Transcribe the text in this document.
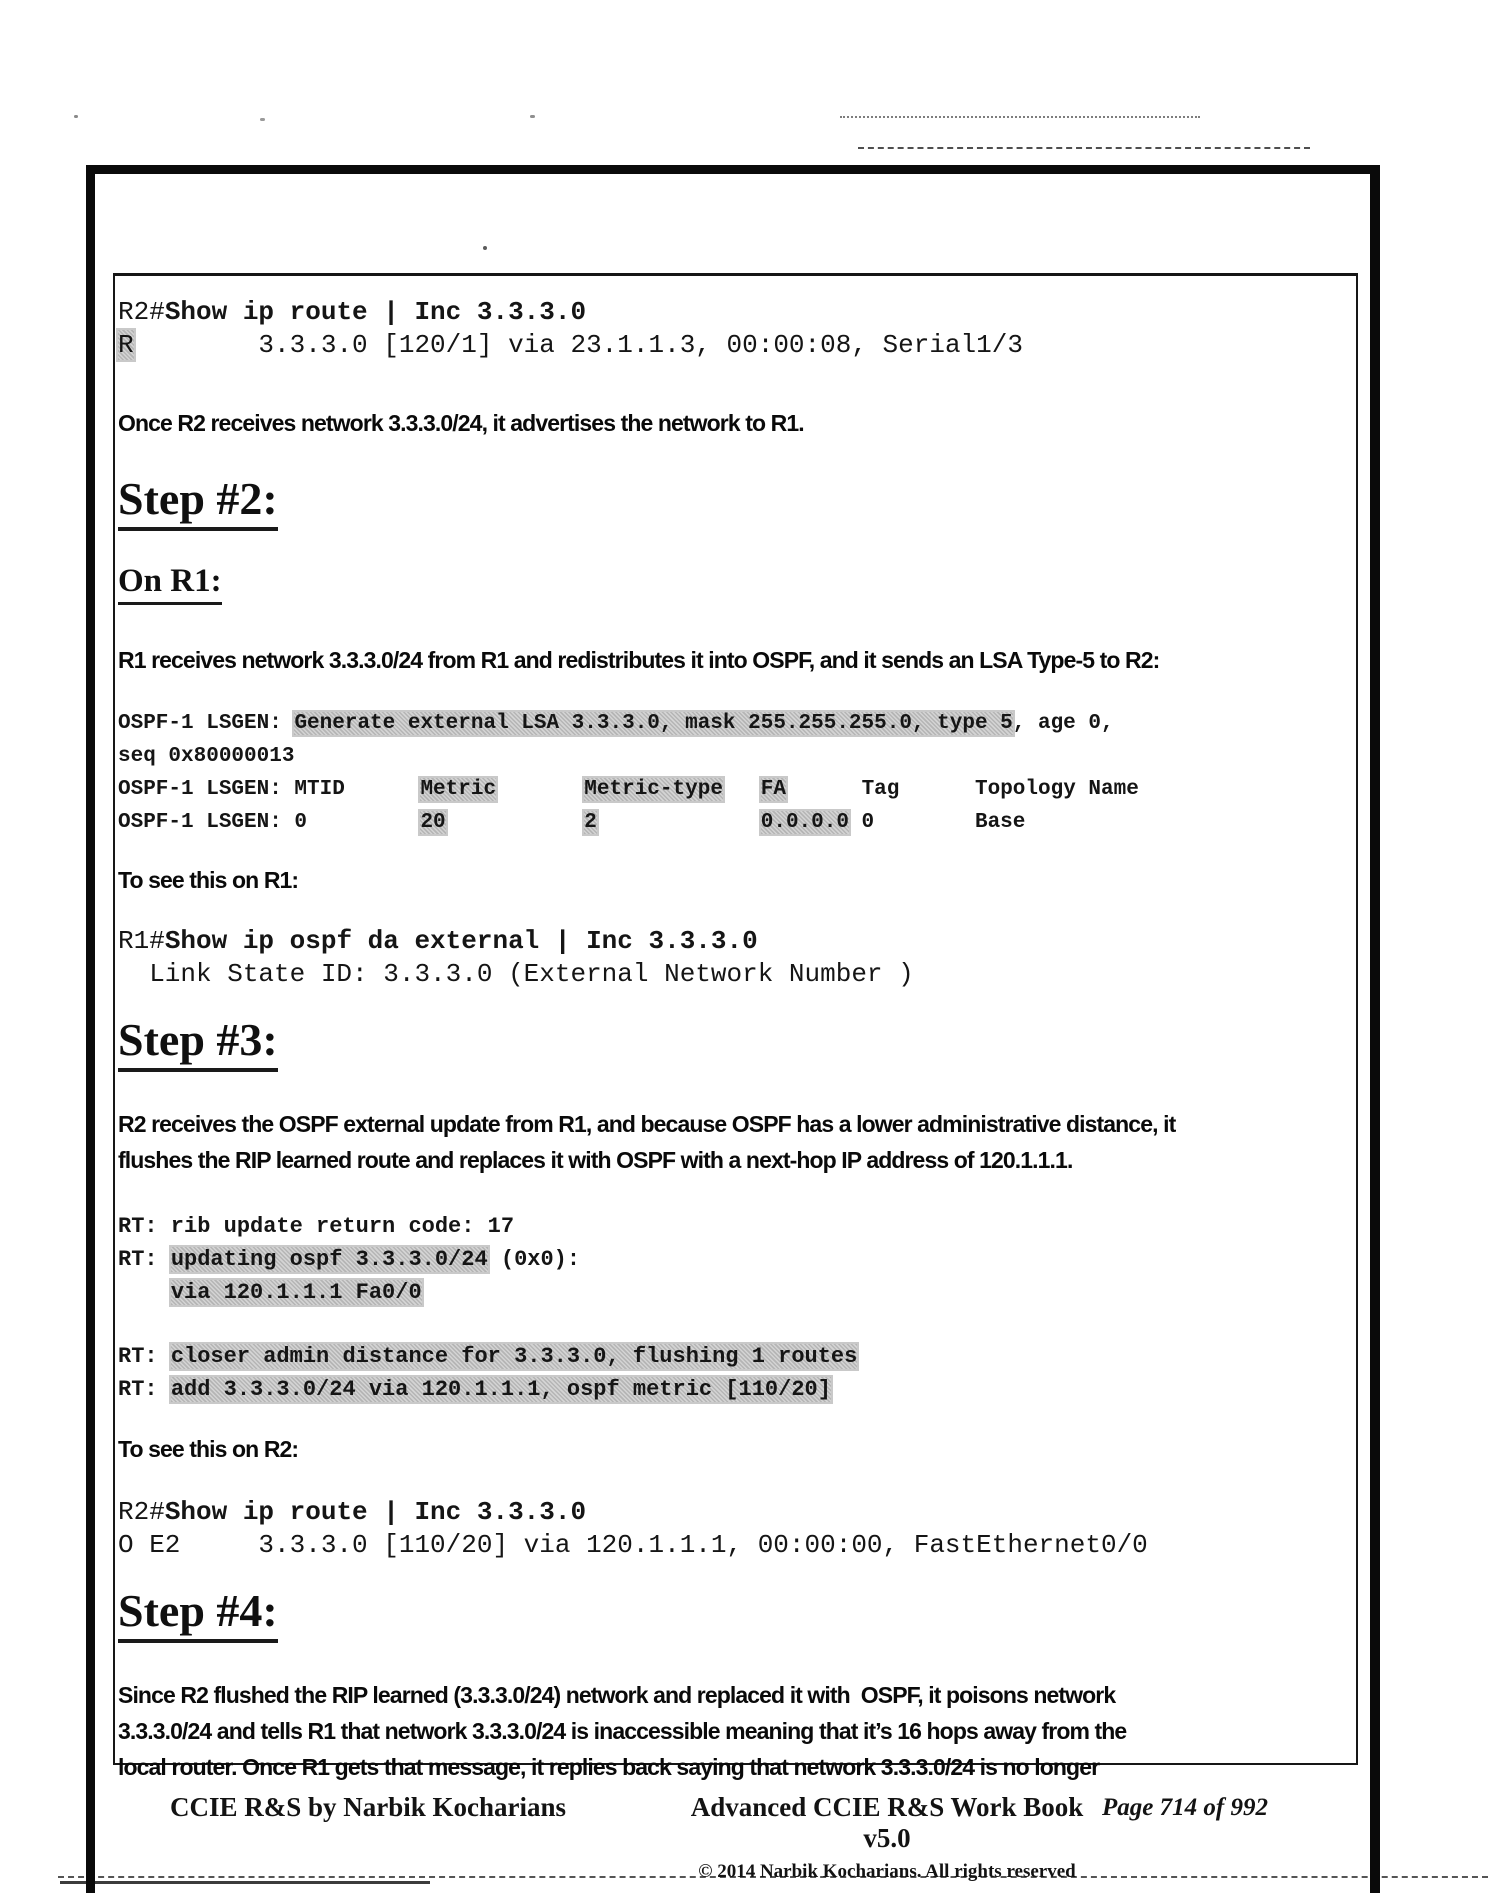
R2#Show ip route | Inc 3.3.3.0
R        3.3.3.0 [120/1] via 23.1.1.3, 00:00:08, Serial1/3
Once R2 receives network 3.3.3.0/24, it advertises the network to R1.
Step #2:
On R1:
R1 receives network 3.3.3.0/24 from R1 and redistributes it into OSPF, and it sends an LSA Type-5 to R2:
OSPF-1 LSGEN: Generate external LSA 3.3.3.0, mask 255.255.255.0, type 5, age 0,
seq 0x80000013
OSPF-1 LSGEN: MTID      Metric	Metric-type FA      Tag      Topology Name
OSPF-1 LSGEN: 0         20	2	0.0.0.0 0        Base
To see this on R1:
R1#Show ip ospf da external | Inc 3.3.3.0
Link State ID: 3.3.3.0 (External Network Number )
Step #3:
R2 receives the OSPF external update from R1, and because OSPF has a lower administrative distance, it
flushes the RIP learned route and replaces it with OSPF with a next-hop IP address of 120.1.1.1.
RT: rib update return code: 17
RT: updating ospf 3.3.3.0/24 (0x0):
via 120.1.1.1 Fa0/0
RT: closer admin distance for 3.3.3.0, flushing 1 routes
RT: add 3.3.3.0/24 via 120.1.1.1, ospf metric [110/20]
To see this on R2:
R2#Show ip route | Inc 3.3.3.0
O E2     3.3.3.0 [110/20] via 120.1.1.1, 00:00:00, FastEthernet0/0
Step #4:
Since R2 flushed the RIP learned (3.3.3.0/24) network and replaced it with  OSPF, it poisons network
3.3.3.0/24 and tells R1 that network 3.3.3.0/24 is inaccessible meaning that it’s 16 hops away from the
local router. Once R1 gets that message, it replies back saying that network 3.3.3.0/24 is no longer
CCIE R&S by Narbik Kocharians	Advanced CCIE R&S Work Book v5.0
© 2014 Narbik Kocharians. All rights reserved
Page 714 of 992
